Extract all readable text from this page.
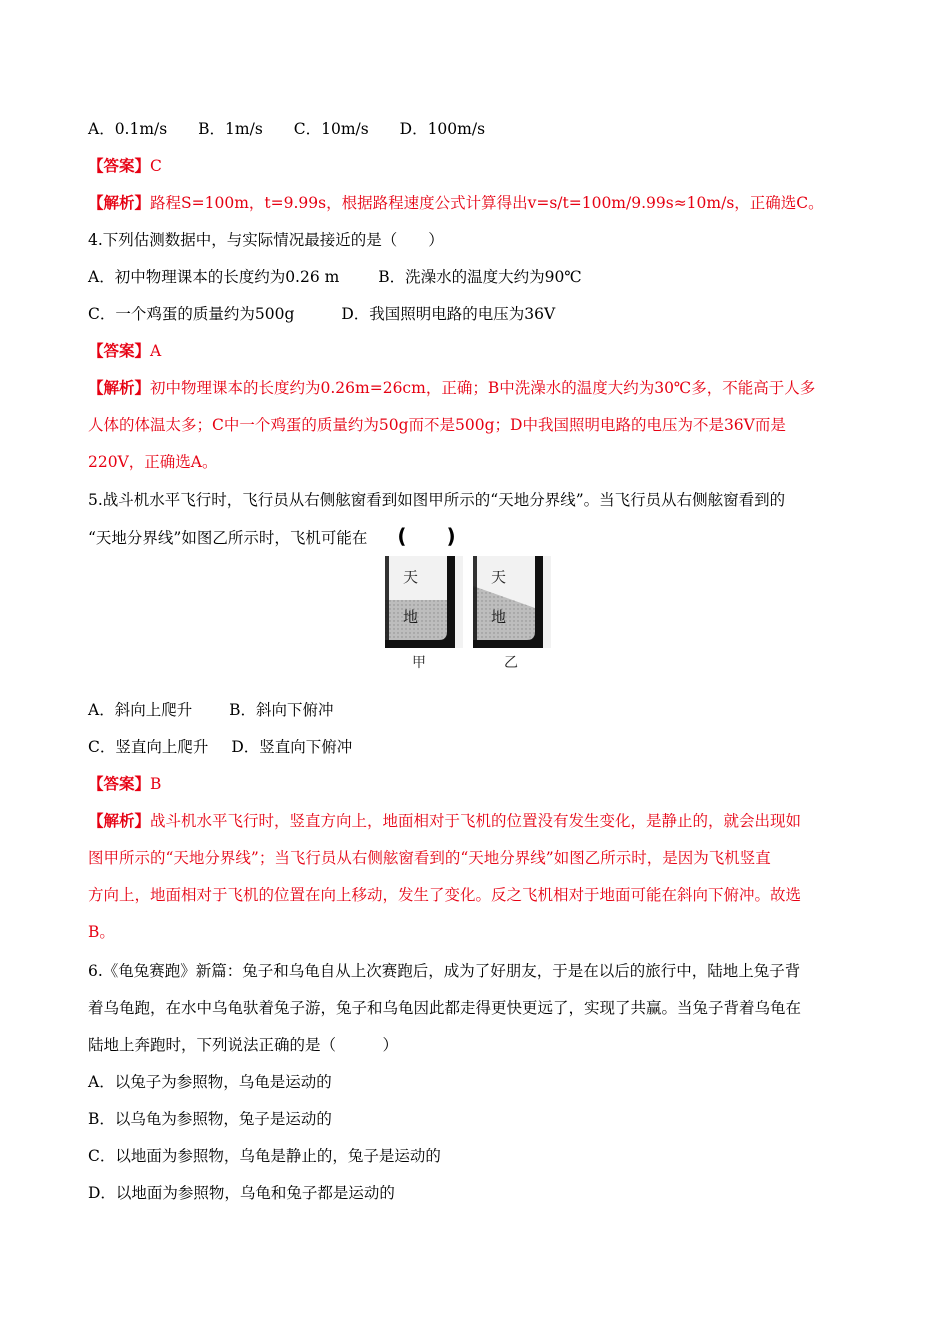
A．0.1m/s B．1m/s C．10m/s D．100m/s
【答案】C
【解析】路程S=100m，t=9.99s，根据路程速度公式计算得出v=s/t=100m/9.99s≈10m/s，正确选C。
4.下列估测数据中，与实际情况最接近的是（　　）
A．初中物理课本的长度约为0.26 m	B．洗澡水的温度大约为90℃
C．一个鸡蛋的质量约为500g	D．我国照明电路的电压为36V
【答案】A
【解析】初中物理课本的长度约为0.26m=26cm，正确；B中洗澡水的温度大约为30℃多，不能高于人多
人体的体温太多；C中一个鸡蛋的质量约为50g而不是500g；D中我国照明电路的电压为不是36V而是
220V，正确选A。
5.战斗机水平飞行时，飞行员从右侧舷窗看到如图甲所示的“天地分界线”。当飞行员从右侧舷窗看到的
“天地分界线”如图乙所示时，飞机可能在 (　　)
天
地
甲
天
地
乙
A．斜向上爬升 B．斜向下俯冲
C．竖直向上爬升 D．竖直向下俯冲
【答案】B
【解析】战斗机水平飞行时，竖直方向上，地面相对于飞机的位置没有发生变化，是静止的，就会出现如
图甲所示的“天地分界线”；当飞行员从右侧舷窗看到的“天地分界线”如图乙所示时，是因为飞机竖直
方向上，地面相对于飞机的位置在向上移动，发生了变化。反之飞机相对于地面可能在斜向下俯冲。故选
B。
6.《龟兔赛跑》新篇：兔子和乌龟自从上次赛跑后，成为了好朋友，于是在以后的旅行中，陆地上兔子背
着乌龟跑，在水中乌龟驮着兔子游，兔子和乌龟因此都走得更快更远了，实现了共赢。当兔子背着乌龟在
陆地上奔跑时，下列说法正确的是（　　　）
A．以兔子为参照物，乌龟是运动的
B．以乌龟为参照物，兔子是运动的
C．以地面为参照物，乌龟是静止的，兔子是运动的
D．以地面为参照物，乌龟和兔子都是运动的
